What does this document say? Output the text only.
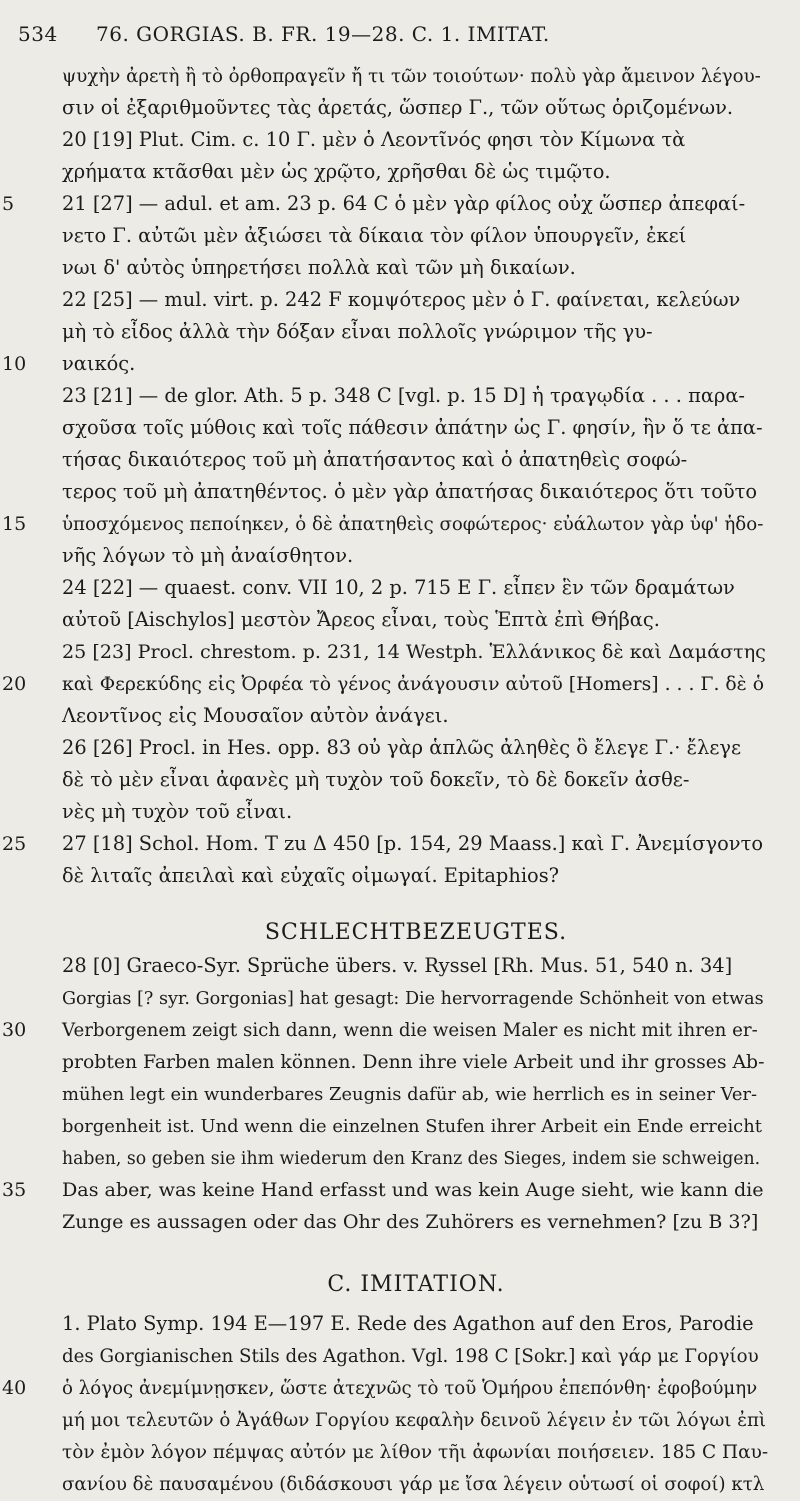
534 76. GORGIAS. B. FR. 19—28. C. 1. IMITAT.
ψυχὴν ἀρετὴ ἢ τὸ ὀρθοπραγεῖν ἤ τι τῶν τοιούτων· πολὺ γὰρ ἄμεινον λέγου-
σιν οἱ ἐξαριθμοῦντες τὰς ἀρετάς, ὥσπερ Γ., τῶν οὕτως ὁριζομένων.
20 [19] Plut. Cim. c. 10 Γ. μὲν ὁ Λεοντῖνός φησι τὸν Κίμωνα τὰ
χρήματα κτᾶσθαι μὲν ὡς χρῷτο, χρῆσθαι δὲ ὡς τιμῷτο.
5	21 [27] — adul. et am. 23 p. 64 C ὁ μὲν γὰρ φίλος οὐχ ὥσπερ ἀπεφαί-
νετο Γ. αὐτῶι μὲν ἀξιώσει τὰ δίκαια τὸν φίλον ὑπουργεῖν, ἐκεί
νωι δ' αὐτὸς ὑπηρετήσει πολλὰ καὶ τῶν μὴ δικαίων.
22 [25] — mul. virt. p. 242 F κομψότερος μὲν ὁ Γ. φαίνεται, κελεύων
μὴ τὸ εἶδος ἀλλὰ τὴν δόξαν εἶναι πολλοῖς γνώριμον τῆς γυ-
10	ναικός.
23 [21] — de glor. Ath. 5 p. 348 C [vgl. p. 15 D] ἡ τραγῳδία . . . παρα-
σχοῦσα τοῖς μύθοις καὶ τοῖς πάθεσιν ἀπάτην ὡς Γ. φησίν, ἣν ὅ τε ἀπα-
τήσας δικαιότερος τοῦ μὴ ἀπατήσαντος καὶ ὁ ἀπατηθεὶς σοφώ-
τερος τοῦ μὴ ἀπατηθέντος. ὁ μὲν γὰρ ἀπατήσας δικαιότερος ὅτι τοῦτο
15	ὑποσχόμενος πεποίηκεν, ὁ δὲ ἀπατηθεὶς σοφώτερος· εὐάλωτον γὰρ ὑφ' ἡδο-
νῆς λόγων τὸ μὴ ἀναίσθητον.
24 [22] — quaest. conv. VII 10, 2 p. 715 E Γ. εἶπεν ἓν τῶν δραμάτων
αὐτοῦ [Aischylos] μεστὸν Ἄρεος εἶναι, τοὺς Ἑπτὰ ἐπὶ Θήβας.
25 [23] Procl. chrestom. p. 231, 14 Westph. Ἑλλάνικος δὲ καὶ Δαμάστης
20	καὶ Φερεκύδης εἰς Ὀρφέα τὸ γένος ἀνάγουσιν αὐτοῦ [Homers] . . . Γ. δὲ ὁ
Λεοντῖνος εἰς Μουσαῖον αὐτὸν ἀνάγει.
26 [26] Procl. in Hes. opp. 83 οὐ γὰρ ἁπλῶς ἀληθὲς ὃ ἔλεγε Γ.· ἔλεγε
δὲ τὸ μὲν εἶναι ἀφανὲς μὴ τυχὸν τοῦ δοκεῖν, τὸ δὲ δοκεῖν ἀσθε-
νὲς μὴ τυχὸν τοῦ εἶναι.
25	27 [18] Schol. Hom. T zu Δ 450 [p. 154, 29 Maass.] καὶ Γ. Ἀνεμίσγοντο
δὲ λιταῖς ἀπειλαὶ καὶ εὐχαῖς οἰμωγαί. Epitaphios?
SCHLECHTBEZEUGTES.
28 [0] Graeco-Syr. Sprüche übers. v. Ryssel [Rh. Mus. 51, 540 n. 34]
Gorgias [? syr. Gorgonias] hat gesagt: Die hervorragende Schönheit von etwas
30	Verborgenem zeigt sich dann, wenn die weisen Maler es nicht mit ihren er-
probten Farben malen können. Denn ihre viele Arbeit und ihr grosses Ab-
mühen legt ein wunderbares Zeugnis dafür ab, wie herrlich es in seiner Ver-
borgenheit ist. Und wenn die einzelnen Stufen ihrer Arbeit ein Ende erreicht
haben, so geben sie ihm wiederum den Kranz des Sieges, indem sie schweigen.
35	Das aber, was keine Hand erfasst und was kein Auge sieht, wie kann die
Zunge es aussagen oder das Ohr des Zuhörers es vernehmen? [zu B 3?]
C. IMITATION.
1. Plato Symp. 194 E—197 E. Rede des Agathon auf den Eros, Parodie
des Gorgianischen Stils des Agathon. Vgl. 198 C [Sokr.] καὶ γάρ με Γοργίου
40	ὁ λόγος ἀνεμίμνῃσκεν, ὥστε ἀτεχνῶς τὸ τοῦ Ὁμήρου ἐπεπόνθη· ἐφοβούμην
μή μοι τελευτῶν ὁ Ἀγάθων Γοργίου κεφαλὴν δεινοῦ λέγειν ἐν τῶι λόγωι ἐπὶ
τὸν ἐμὸν λόγον πέμψας αὐτόν με λίθον τῆι ἀφωνίαι ποιήσειεν. 185 C Παυ-
σανίου δὲ παυσαμένου (διδάσκουσι γάρ με ἴσα λέγειν οὑτωσί οἱ σοφοί) κτλ
